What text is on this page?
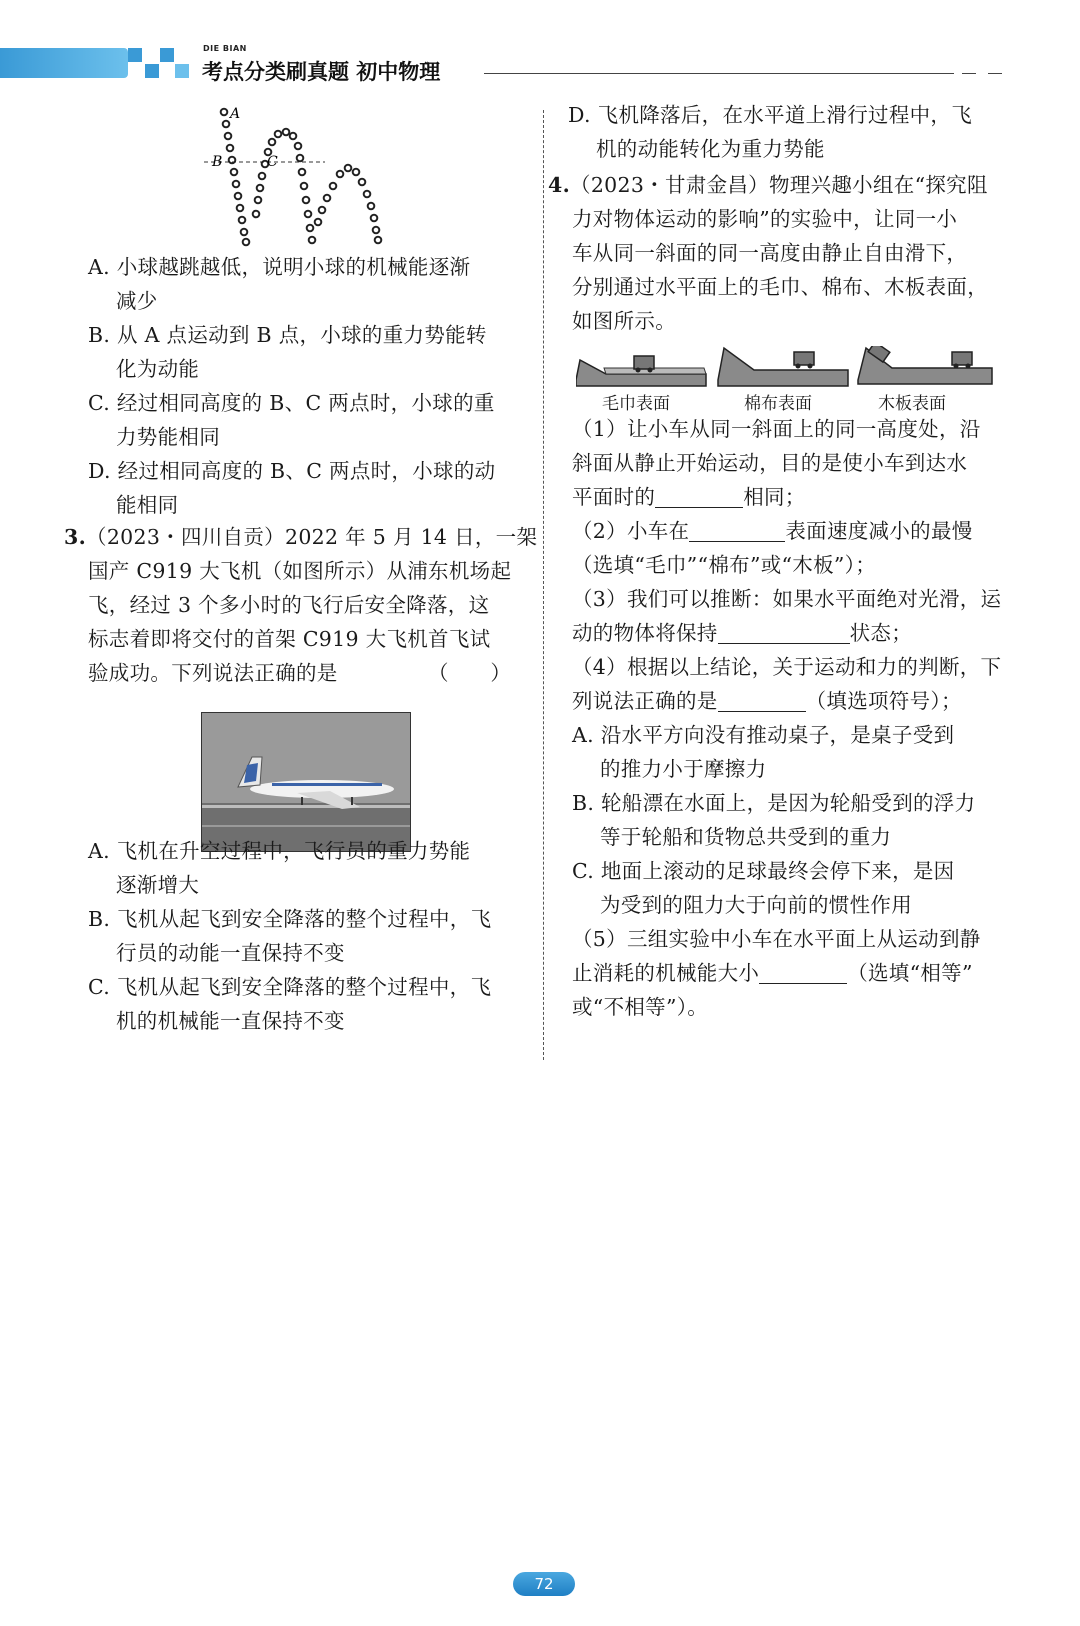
DIE BIAN
考点分类刷真题 初中物理
A
B	C
A. 小球越跳越低，说明小球的机械能逐渐
减少
B. 从 A 点运动到 B 点，小球的重力势能转
化为动能
C. 经过相同高度的 B、C 两点时，小球的重
力势能相同
D. 经过相同高度的 B、C 两点时，小球的动
能相同
3.（2023・四川自贡）2022 年 5 月 14 日，一架
国产 C919 大飞机（如图所示）从浦东机场起
飞，经过 3 个多小时的飞行后安全降落，这
标志着即将交付的首架 C919 大飞机首飞试
验成功。下列说法正确的是	（　　）
A. 飞机在升空过程中，飞行员的重力势能
逐渐增大
B. 飞机从起飞到安全降落的整个过程中，飞
行员的动能一直保持不变
C. 飞机从起飞到安全降落的整个过程中，飞
机的机械能一直保持不变
D. 飞机降落后，在水平道上滑行过程中，飞
机的动能转化为重力势能
4.（2023・甘肃金昌）物理兴趣小组在“探究阻
力对物体运动的影响”的实验中，让同一小
车从同一斜面的同一高度由静止自由滑下，
分别通过水平面上的毛巾、棉布、木板表面，
如图所示。
毛巾表面	棉布表面	木板表面
（1）让小车从同一斜面上的同一高度处，沿
斜面从静止开始运动，目的是使小车到达水
平面时的	相同；
（2）小车在	表面速度减小的最慢
（选填“毛巾”“棉布”或“木板”）；
（3）我们可以推断：如果水平面绝对光滑，运
动的物体将保持	状态；
（4）根据以上结论，关于运动和力的判断，下
列说法正确的是	（填选项符号）；
A. 沿水平方向没有推动桌子，是桌子受到
的推力小于摩擦力
B. 轮船漂在水面上，是因为轮船受到的浮力
等于轮船和货物总共受到的重力
C. 地面上滚动的足球最终会停下来，是因
为受到的阻力大于向前的惯性作用
（5）三组实验中小车在水平面上从运动到静
止消耗的机械能大小	（选填“相等”
或“不相等”）。
72
